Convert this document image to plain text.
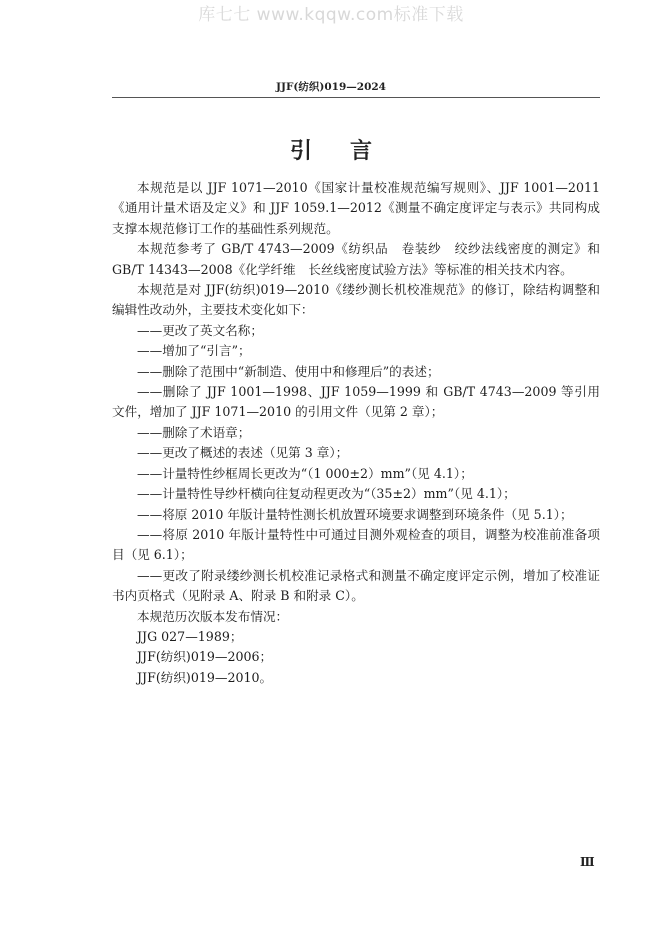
库七七 www.kqqw.com标准下载
JJF(纺织)019—2024
引言

本规范是以 JJF 1071—2010《国家计量校准规范编写规则》、JJF 1001—2011《通用计量术语及定义》和 JJF 1059.1—2012《测量不确定度评定与表示》共同构成支撑本规范修订工作的基础性系列规范。

本规范参考了 GB/T 4743—2009《纺织品　卷装纱　绞纱法线密度的测定》和 GB/T 14343—2008《化学纤维　长丝线密度试验方法》等标准的相关技术内容。

本规范是对 JJF(纺织)019—2010《缕纱测长机校准规范》的修订，除结构调整和编辑性改动外，主要技术变化如下：

——更改了英文名称；

——增加了“引言”；

——删除了范围中“新制造、使用中和修理后”的表述；

——删除了 JJF 1001—1998、JJF 1059—1999 和 GB/T 4743—2009 等引用文件，增加了 JJF 1071—2010 的引用文件（见第 2 章）；

——删除了术语章；

——更改了概述的表述（见第 3 章）；

——计量特性纱框周长更改为“（1 000±2）mm”（见 4.1）；

——计量特性导纱杆横向往复动程更改为“（35±2）mm”（见 4.1）；

——将原 2010 年版计量特性测长机放置环境要求调整到环境条件（见 5.1）；

——将原 2010 年版计量特性中可通过目测外观检查的项目，调整为校准前准备项目（见 6.1）；

——更改了附录缕纱测长机校准记录格式和测量不确定度评定示例，增加了校准证书内页格式（见附录 A、附录 B 和附录 C）。

本规范历次版本发布情况：

JJG 027—1989；

JJF(纺织)019—2006；

JJF(纺织)019—2010。

Ⅲ
